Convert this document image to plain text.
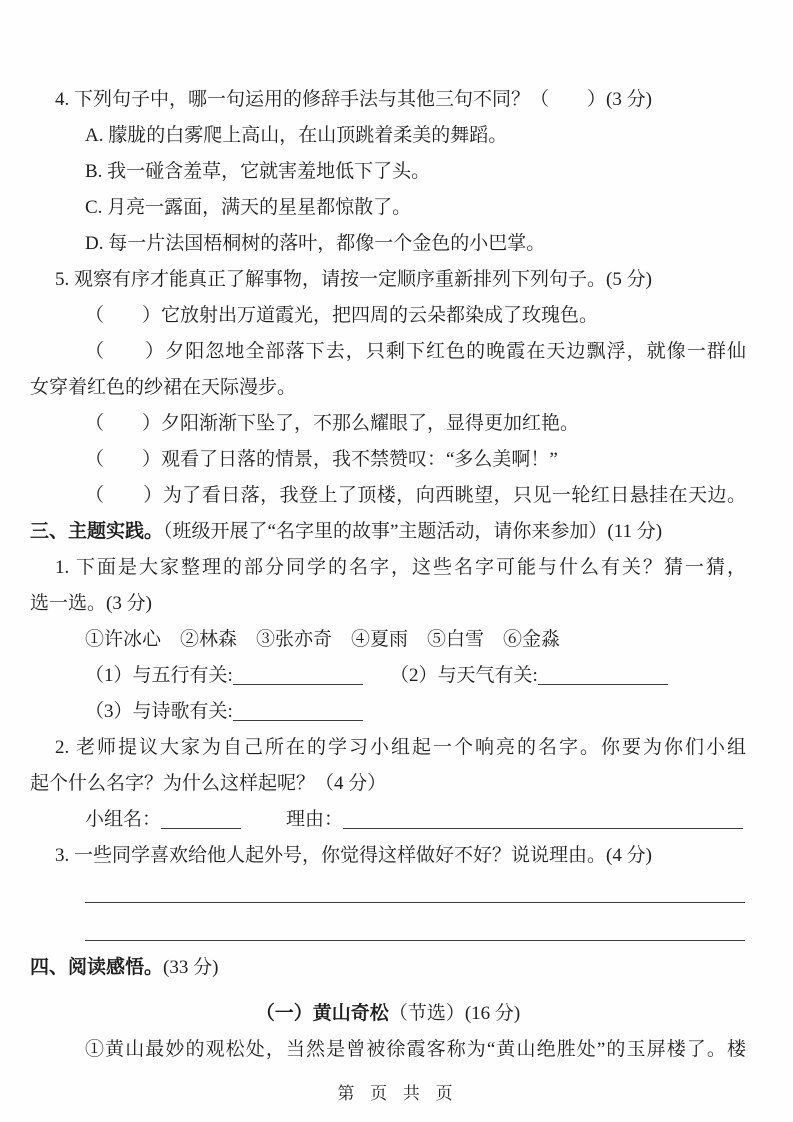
4. 下列句子中，哪一句运用的修辞手法与其他三句不同？（　　）(3 分)
A. 朦胧的白雾爬上高山，在山顶跳着柔美的舞蹈。
B. 我一碰含羞草，它就害羞地低下了头。
C. 月亮一露面，满天的星星都惊散了。
D. 每一片法国梧桐树的落叶，都像一个金色的小巴掌。
5. 观察有序才能真正了解事物，请按一定顺序重新排列下列句子。(5 分)
（　　）它放射出万道霞光，把四周的云朵都染成了玫瑰色。
（　　）夕阳忽地全部落下去，只剩下红色的晚霞在天边飘浮，就像一群仙
女穿着红色的纱裙在天际漫步。
（　　）夕阳渐渐下坠了，不那么耀眼了，显得更加红艳。
（　　）观看了日落的情景，我不禁赞叹：“多么美啊！”
（　　）为了看日落，我登上了顶楼，向西眺望，只见一轮红日悬挂在天边。
三、主题实践。（班级开展了“名字里的故事”主题活动，请你来参加）(11 分)
1. 下面是大家整理的部分同学的名字，这些名字可能与什么有关？猜一猜，
选一选。(3 分)
①许冰心　②林森　③张亦奇　④夏雨　⑤白雪　⑥金淼
（1）与五行有关:	（2）与天气有关:
（3）与诗歌有关:
2. 老师提议大家为自己所在的学习小组起一个响亮的名字。你要为你们小组
起个什么名字？为什么这样起呢？（4 分）
小组名：	理由：
3. 一些同学喜欢给他人起外号，你觉得这样做好不好？说说理由。(4 分)
四、阅读感悟。(33 分)
（一）黄山奇松（节选）(16 分)
①黄山最妙的观松处，当然是曾被徐霞客称为“黄山绝胜处”的玉屏楼了。楼
第 页 共 页
